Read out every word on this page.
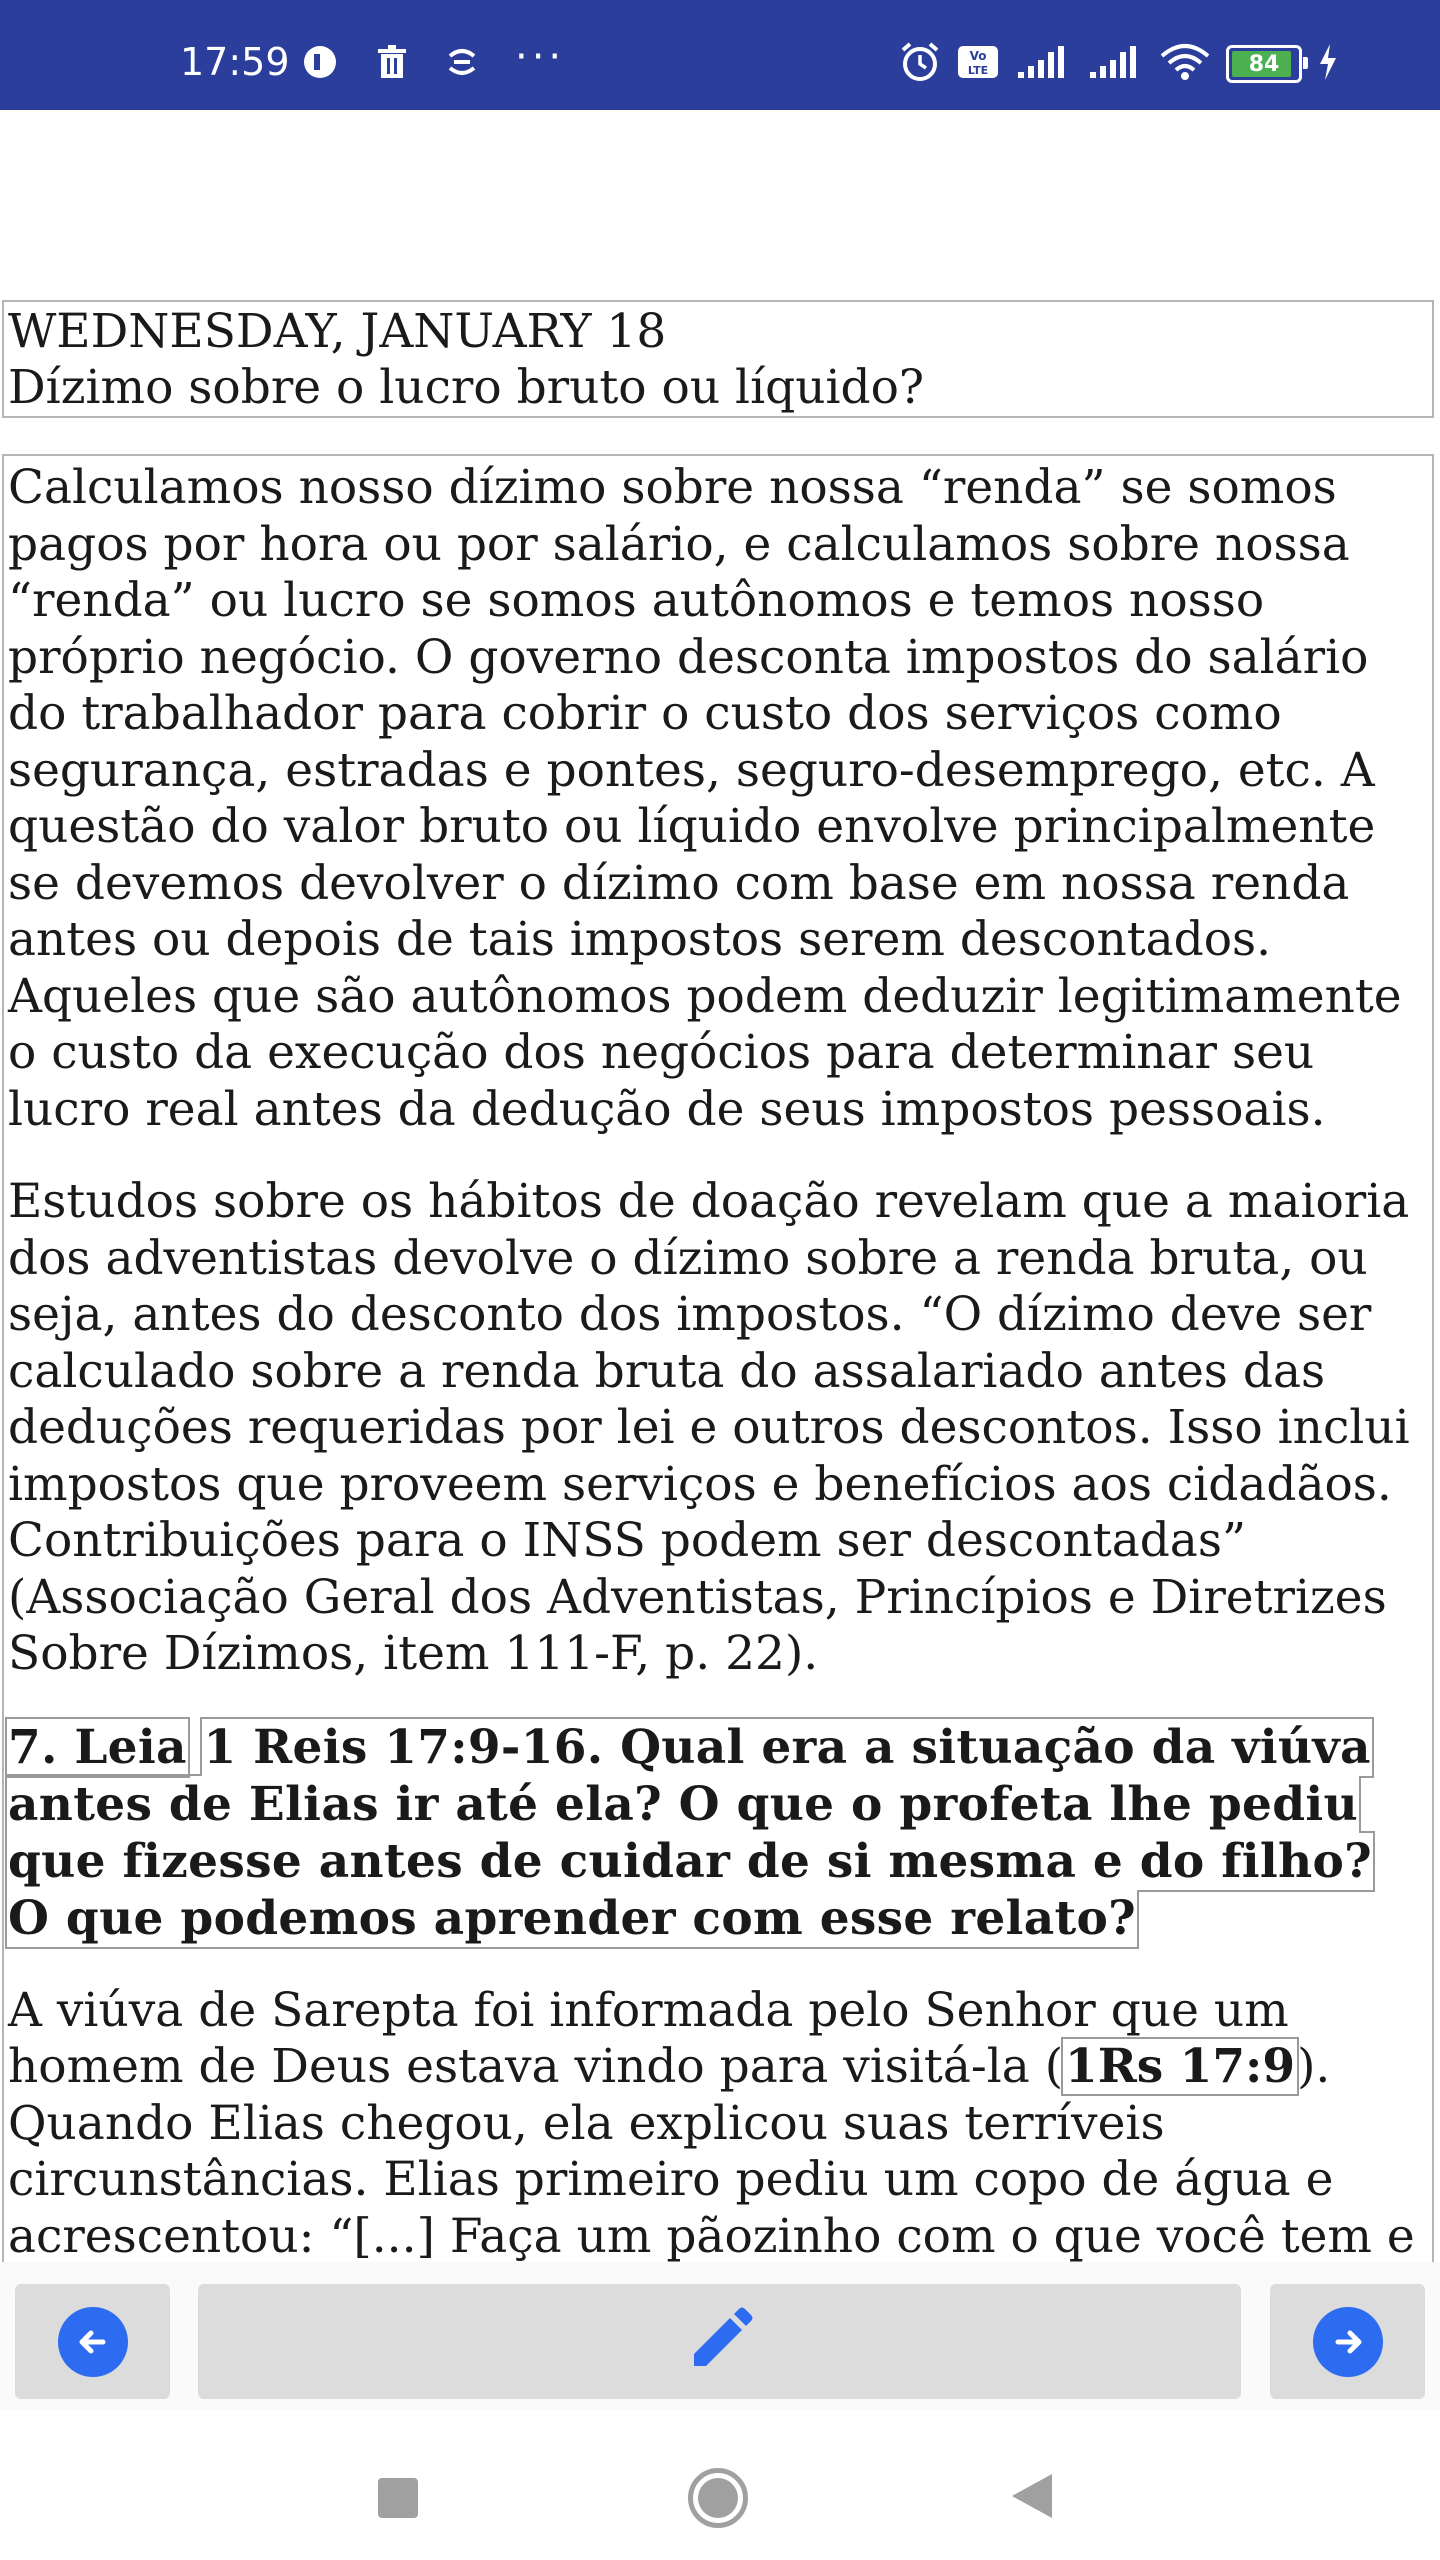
17:59	···	Vo
LTE	84
WEDNESDAY, JANUARY 18
Dízimo sobre o lucro bruto ou líquido?

Calculamos nosso dízimo sobre nossa “renda” se somos pagos por hora ou por salário, e calculamos sobre nossa “renda” ou lucro se somos autônomos e temos nosso próprio negócio. O governo desconta impostos do salário do trabalhador para cobrir o custo dos serviços como segurança, estradas e pontes, seguro-desemprego, etc. A questão do valor bruto ou líquido envolve principalmente se devemos devolver o dízimo com base em nossa renda antes ou depois de tais impostos serem descontados. Aqueles que são autônomos podem deduzir legitimamente o custo da execução dos negócios para determinar seu lucro real antes da dedução de seus impostos pessoais.

Estudos sobre os hábitos de doação revelam que a maioria dos adventistas devolve o dízimo sobre a renda bruta, ou seja, antes do desconto dos impostos. “O dízimo deve ser calculado sobre a renda bruta do assalariado antes das deduções requeridas por lei e outros descontos. Isso inclui impostos que proveem serviços e benefícios aos cidadãos. Contribuições para o INSS podem ser descontadas” (Associação Geral dos Adventistas, Princípios e Diretrizes Sobre Dízimos, item 111-F, p. 22).

7. Leia 1 Reis 17:9-16. Qual era a situação da viúva antes de Elias ir até ela? O que o profeta lhe pediu que fizesse antes de cuidar de si mesma e do filho? O que podemos aprender com esse relato?

A viúva de Sarepta foi informada pelo Senhor que um homem de Deus estava vindo para visitá-la (1Rs 17:9). Quando Elias chegou, ela explicou suas terríveis circunstâncias. Elias primeiro pediu um copo de água e acrescentou: “[...] Faça um pãozinho com o que você tem e
